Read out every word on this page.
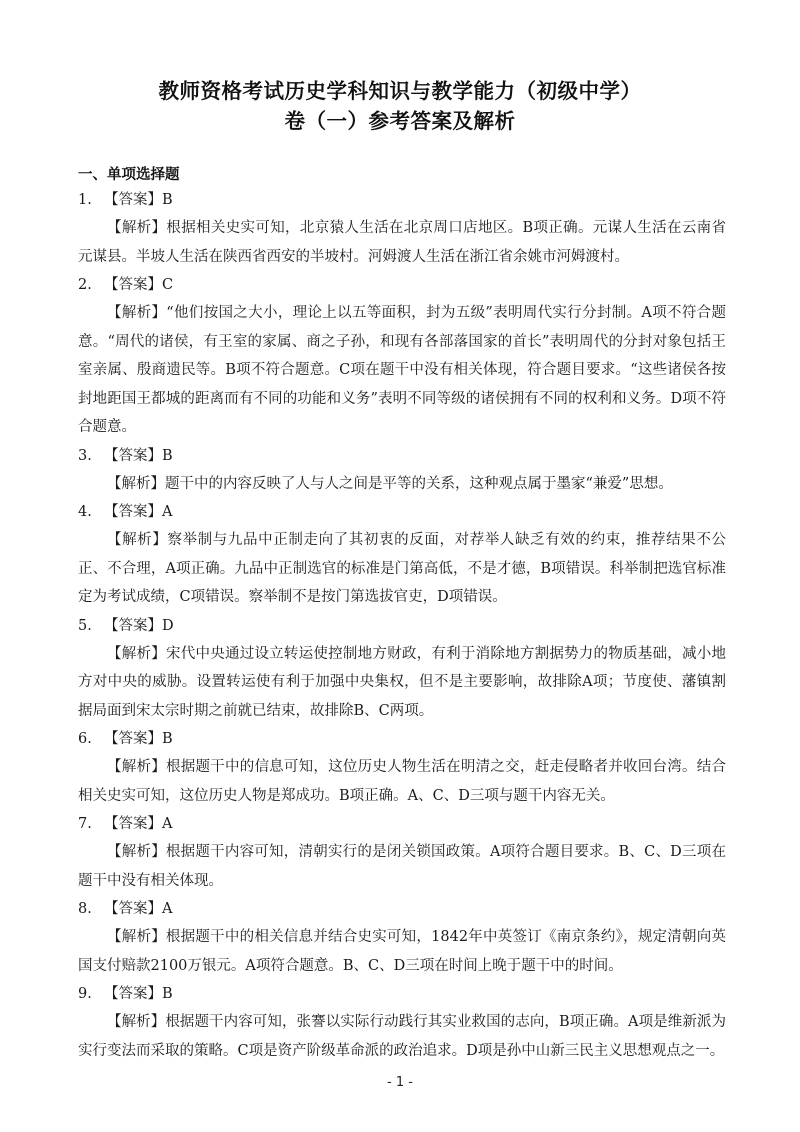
教师资格考试历史学科知识与教学能力（初级中学）
卷（一）参考答案及解析
一、单项选择题
1. 【答案】B

【解析】根据相关史实可知，北京猿人生活在北京周口店地区。B项正确。元谋人生活在云南省元谋县。半坡人生活在陕西省西安的半坡村。河姆渡人生活在浙江省余姚市河姆渡村。

2. 【答案】C

【解析】“他们按国之大小，理论上以五等面积，封为五级”表明周代实行分封制。A项不符合题意。“周代的诸侯，有王室的家属、商之子孙，和现有各部落国家的首长”表明周代的分封对象包括王室亲属、殷商遗民等。B项不符合题意。C项在题干中没有相关体现，符合题目要求。“这些诸侯各按封地距国王都城的距离而有不同的功能和义务”表明不同等级的诸侯拥有不同的权利和义务。D项不符合题意。

3. 【答案】B

【解析】题干中的内容反映了人与人之间是平等的关系，这种观点属于墨家“兼爱”思想。

4. 【答案】A

【解析】察举制与九品中正制走向了其初衷的反面，对荐举人缺乏有效的约束，推荐结果不公正、不合理，A项正确。九品中正制选官的标准是门第高低，不是才德，B项错误。科举制把选官标准定为考试成绩，C项错误。察举制不是按门第选拔官吏，D项错误。

5. 【答案】D

【解析】宋代中央通过设立转运使控制地方财政，有利于消除地方割据势力的物质基础，减小地方对中央的威胁。设置转运使有利于加强中央集权，但不是主要影响，故排除A项；节度使、藩镇割据局面到宋太宗时期之前就已结束，故排除B、C两项。

6. 【答案】B

【解析】根据题干中的信息可知，这位历史人物生活在明清之交，赶走侵略者并收回台湾。结合相关史实可知，这位历史人物是郑成功。B项正确。A、C、D三项与题干内容无关。

7. 【答案】A

【解析】根据题干内容可知，清朝实行的是闭关锁国政策。A项符合题目要求。B、C、D三项在题干中没有相关体现。

8. 【答案】A

【解析】根据题干中的相关信息并结合史实可知，1842年中英签订《南京条约》，规定清朝向英国支付赔款2100万银元。A项符合题意。B、C、D三项在时间上晚于题干中的时间。

9. 【答案】B

【解析】根据题干内容可知，张謇以实际行动践行其实业救国的志向，B项正确。A项是维新派为实行变法而采取的策略。C项是资产阶级革命派的政治追求。D项是孙中山新三民主义思想观点之一。

- 1 -
